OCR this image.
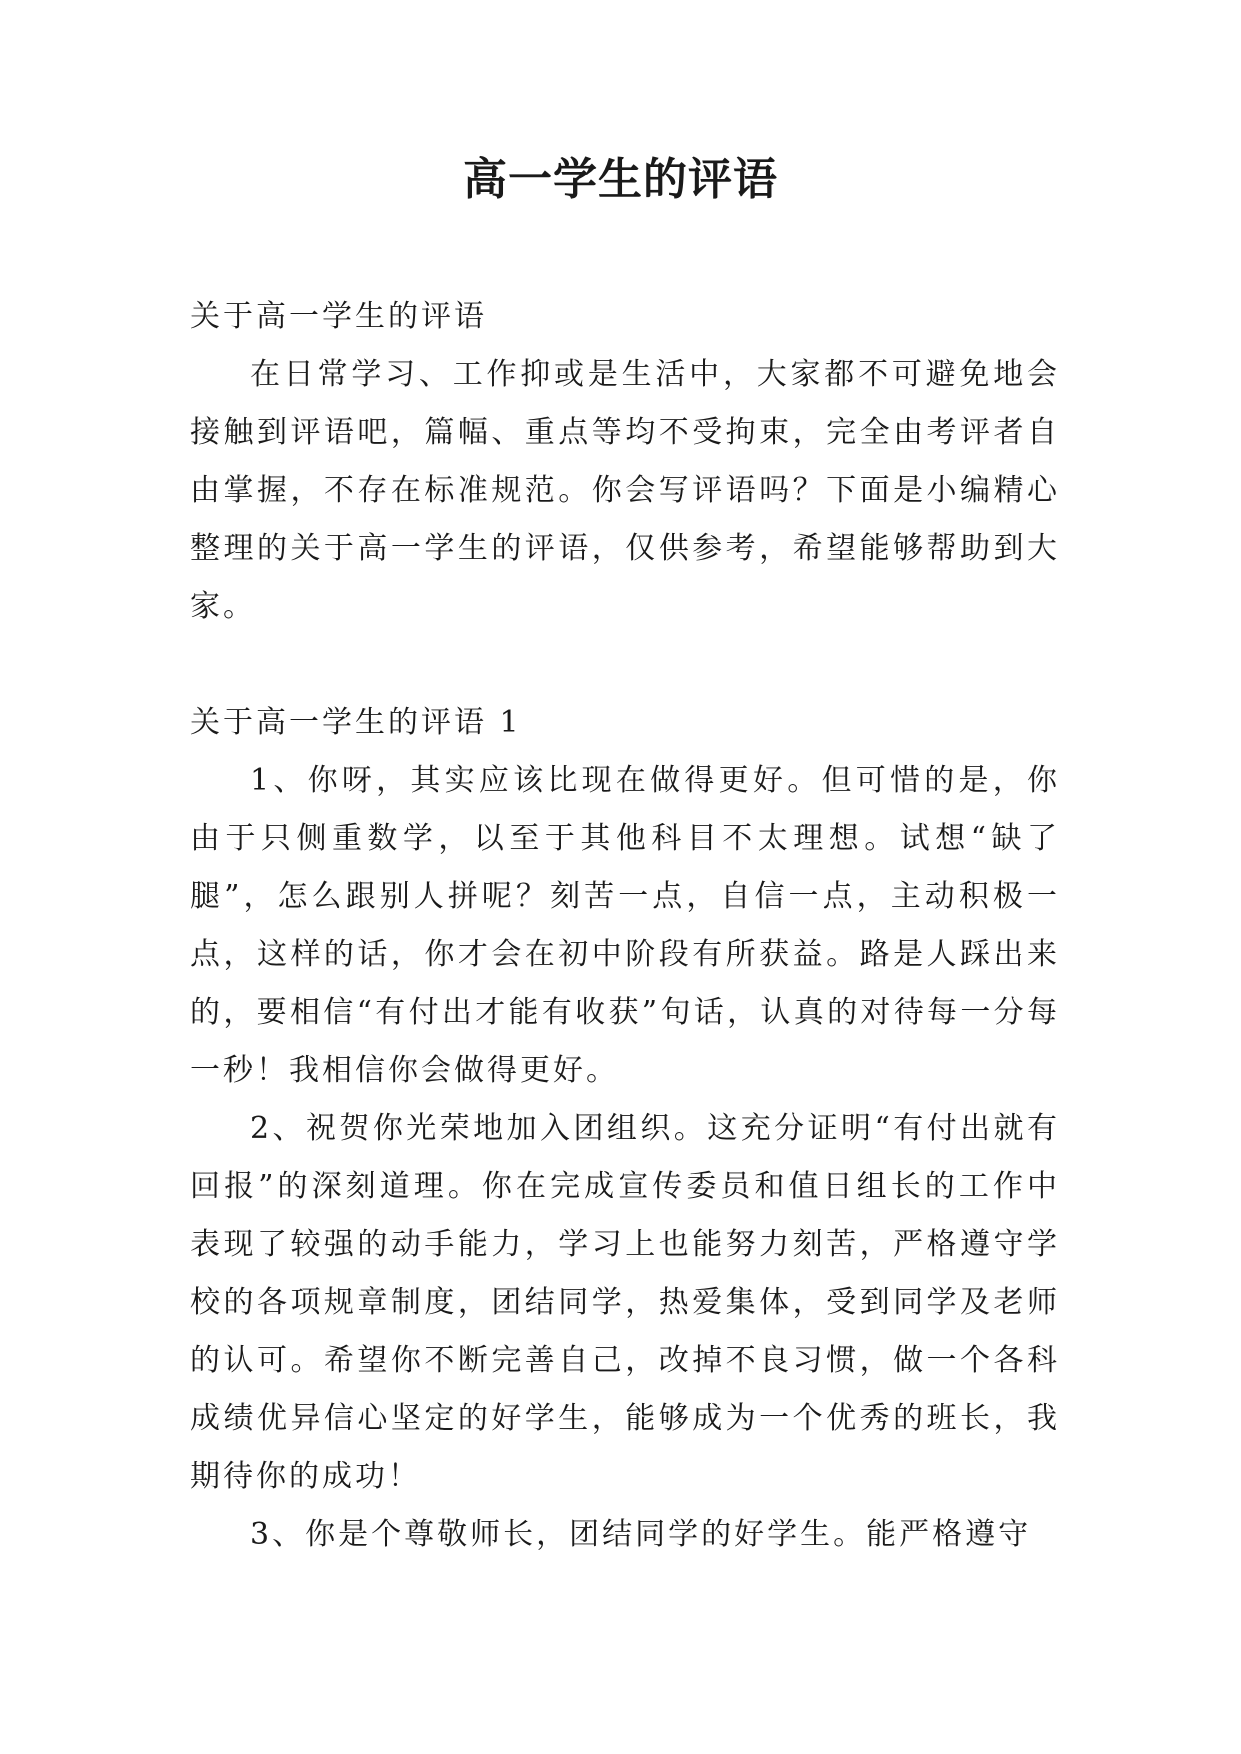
高一学生的评语

关于高一学生的评语

在日常学习、工作抑或是生活中，大家都不可避免地会接触到评语吧，篇幅、重点等均不受拘束，完全由考评者自由掌握，不存在标准规范。你会写评语吗？下面是小编精心整理的关于高一学生的评语，仅供参考，希望能够帮助到大家。

关于高一学生的评语 1

1、你呀，其实应该比现在做得更好。但可惜的是，你由于只侧重数学，以至于其他科目不太理想。试想“缺了腿”，怎么跟别人拼呢？刻苦一点，自信一点，主动积极一点，这样的话，你才会在初中阶段有所获益。路是人踩出来的，要相信“有付出才能有收获”句话，认真的对待每一分每一秒！我相信你会做得更好。

2、祝贺你光荣地加入团组织。这充分证明“有付出就有回报”的深刻道理。你在完成宣传委员和值日组长的工作中表现了较强的动手能力，学习上也能努力刻苦，严格遵守学校的各项规章制度，团结同学，热爱集体，受到同学及老师的认可。希望你不断完善自己，改掉不良习惯，做一个各科成绩优异信心坚定的好学生，能够成为一个优秀的班长，我期待你的成功！

3、你是个尊敬师长，团结同学的好学生。能严格遵守
